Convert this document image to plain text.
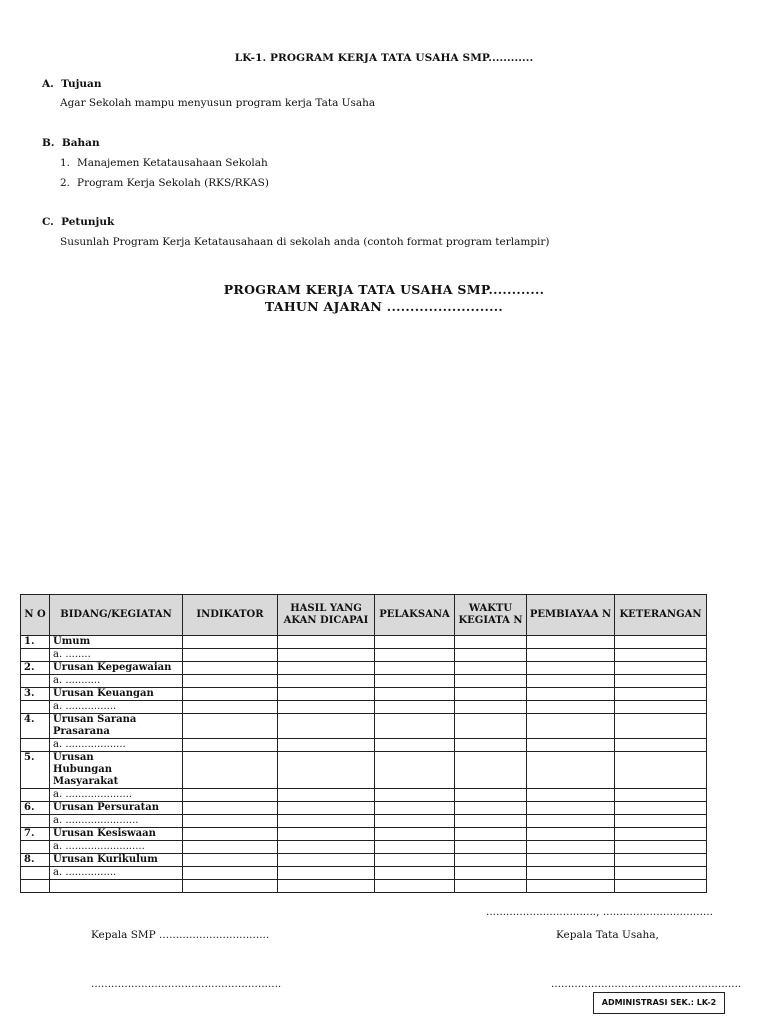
LK-1. PROGRAM KERJA TATA USAHA SMP............
A. Tujuan
Agar Sekolah mampu menyusun program kerja Tata Usaha
B. Bahan
1. Manajemen Ketatausahaan Sekolah
2. Program Kerja Sekolah (RKS/RKAS)
C. Petunjuk
Susunlah Program Kerja Ketatausahaan di sekolah anda (contoh format program terlampir)
PROGRAM KERJA TATA USAHA SMP............
TAHUN AJARAN .........................
N O	BIDANG/KEGIATAN	INDIKATOR	HASIL YANG AKAN DICAPAI	PELAKSANA	WAKTU KEGIATA N	PEMBIAYAA N	KETERANGAN
1.	Umum						
	a. ........						
2.	Urusan Kepegawaian						
	a. ...........						
3.	Urusan Keuangan						
	a. ................						
4.	Urusan Sarana Prasarana						

	a. ...................						
5.	Urusan Hubungan Masyarakat						

	a. .....................						
6.	Urusan Persuratan						
	a. .......................						
7.	Urusan Kesiswaan						
	a. .........................						
8.	Urusan Kurikulum						
	a. ................						

................................., .................................
Kepala SMP .................................	Kepala Tata Usaha,
.........................................................	.........................................................
ADMINISTRASI SEK.: LK-2
